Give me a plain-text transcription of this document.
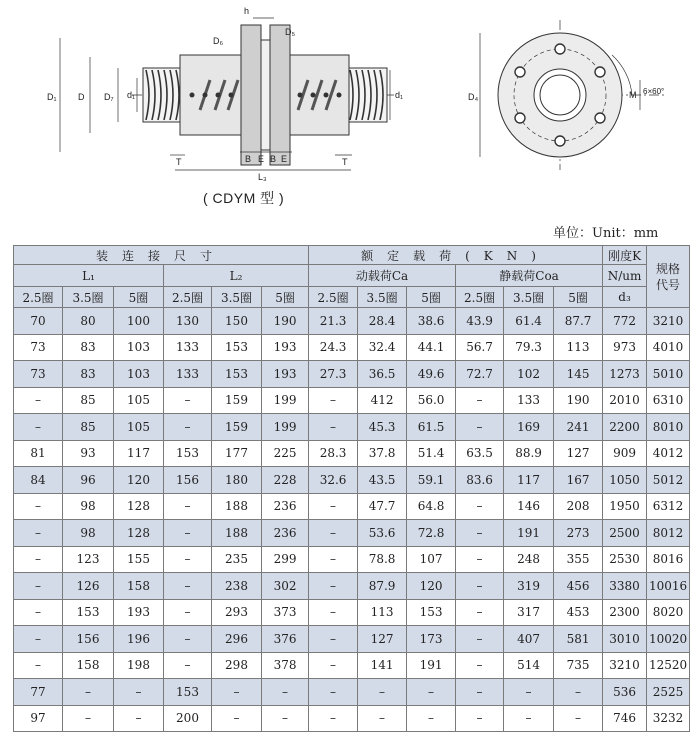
h
D₆
D₅
D₁ D D₇ d₁	d₁
T	T
B E B E
L₃
D₄	M 6×60°
( CDYM 型 )
单位：Unit：mm
装连接尺寸						额定载荷(KN)						刚度K	规格
代号
L₁			L₂			动载荷Ca			静载荷Coa			N/um	
2.5圈	3.5圈	5圈	2.5圈	3.5圈	5圈	2.5圈	3.5圈	5圈	2.5圈	3.5圈	5圈	d₃	
70	80	100	130	150	190	21.3	28.4	38.6	43.9	61.4	87.7	772	3210
73	83	103	133	153	193	24.3	32.4	44.1	56.7	79.3	113	973	4010
73	83	103	133	153	193	27.3	36.5	49.6	72.7	102	145	1273	5010
–	85	105	–	159	199	–	412	56.0	–	133	190	2010	6310
–	85	105	–	159	199	–	45.3	61.5	–	169	241	2200	8010
81	93	117	153	177	225	28.3	37.8	51.4	63.5	88.9	127	909	4012
84	96	120	156	180	228	32.6	43.5	59.1	83.6	117	167	1050	5012
–	98	128	–	188	236	–	47.7	64.8	–	146	208	1950	6312
–	98	128	–	188	236	–	53.6	72.8	–	191	273	2500	8012
–	123	155	–	235	299	–	78.8	107	–	248	355	2530	8016
–	126	158	–	238	302	–	87.9	120	–	319	456	3380	10016
–	153	193	–	293	373	–	113	153	–	317	453	2300	8020
–	156	196	–	296	376	–	127	173	–	407	581	3010	10020
–	158	198	–	298	378	–	141	191	–	514	735	3210	12520
77	–	–	153	–	–	–	–	–	–	–	–	536	2525
97	–	–	200	–	–	–	–	–	–	–	–	746	3232
